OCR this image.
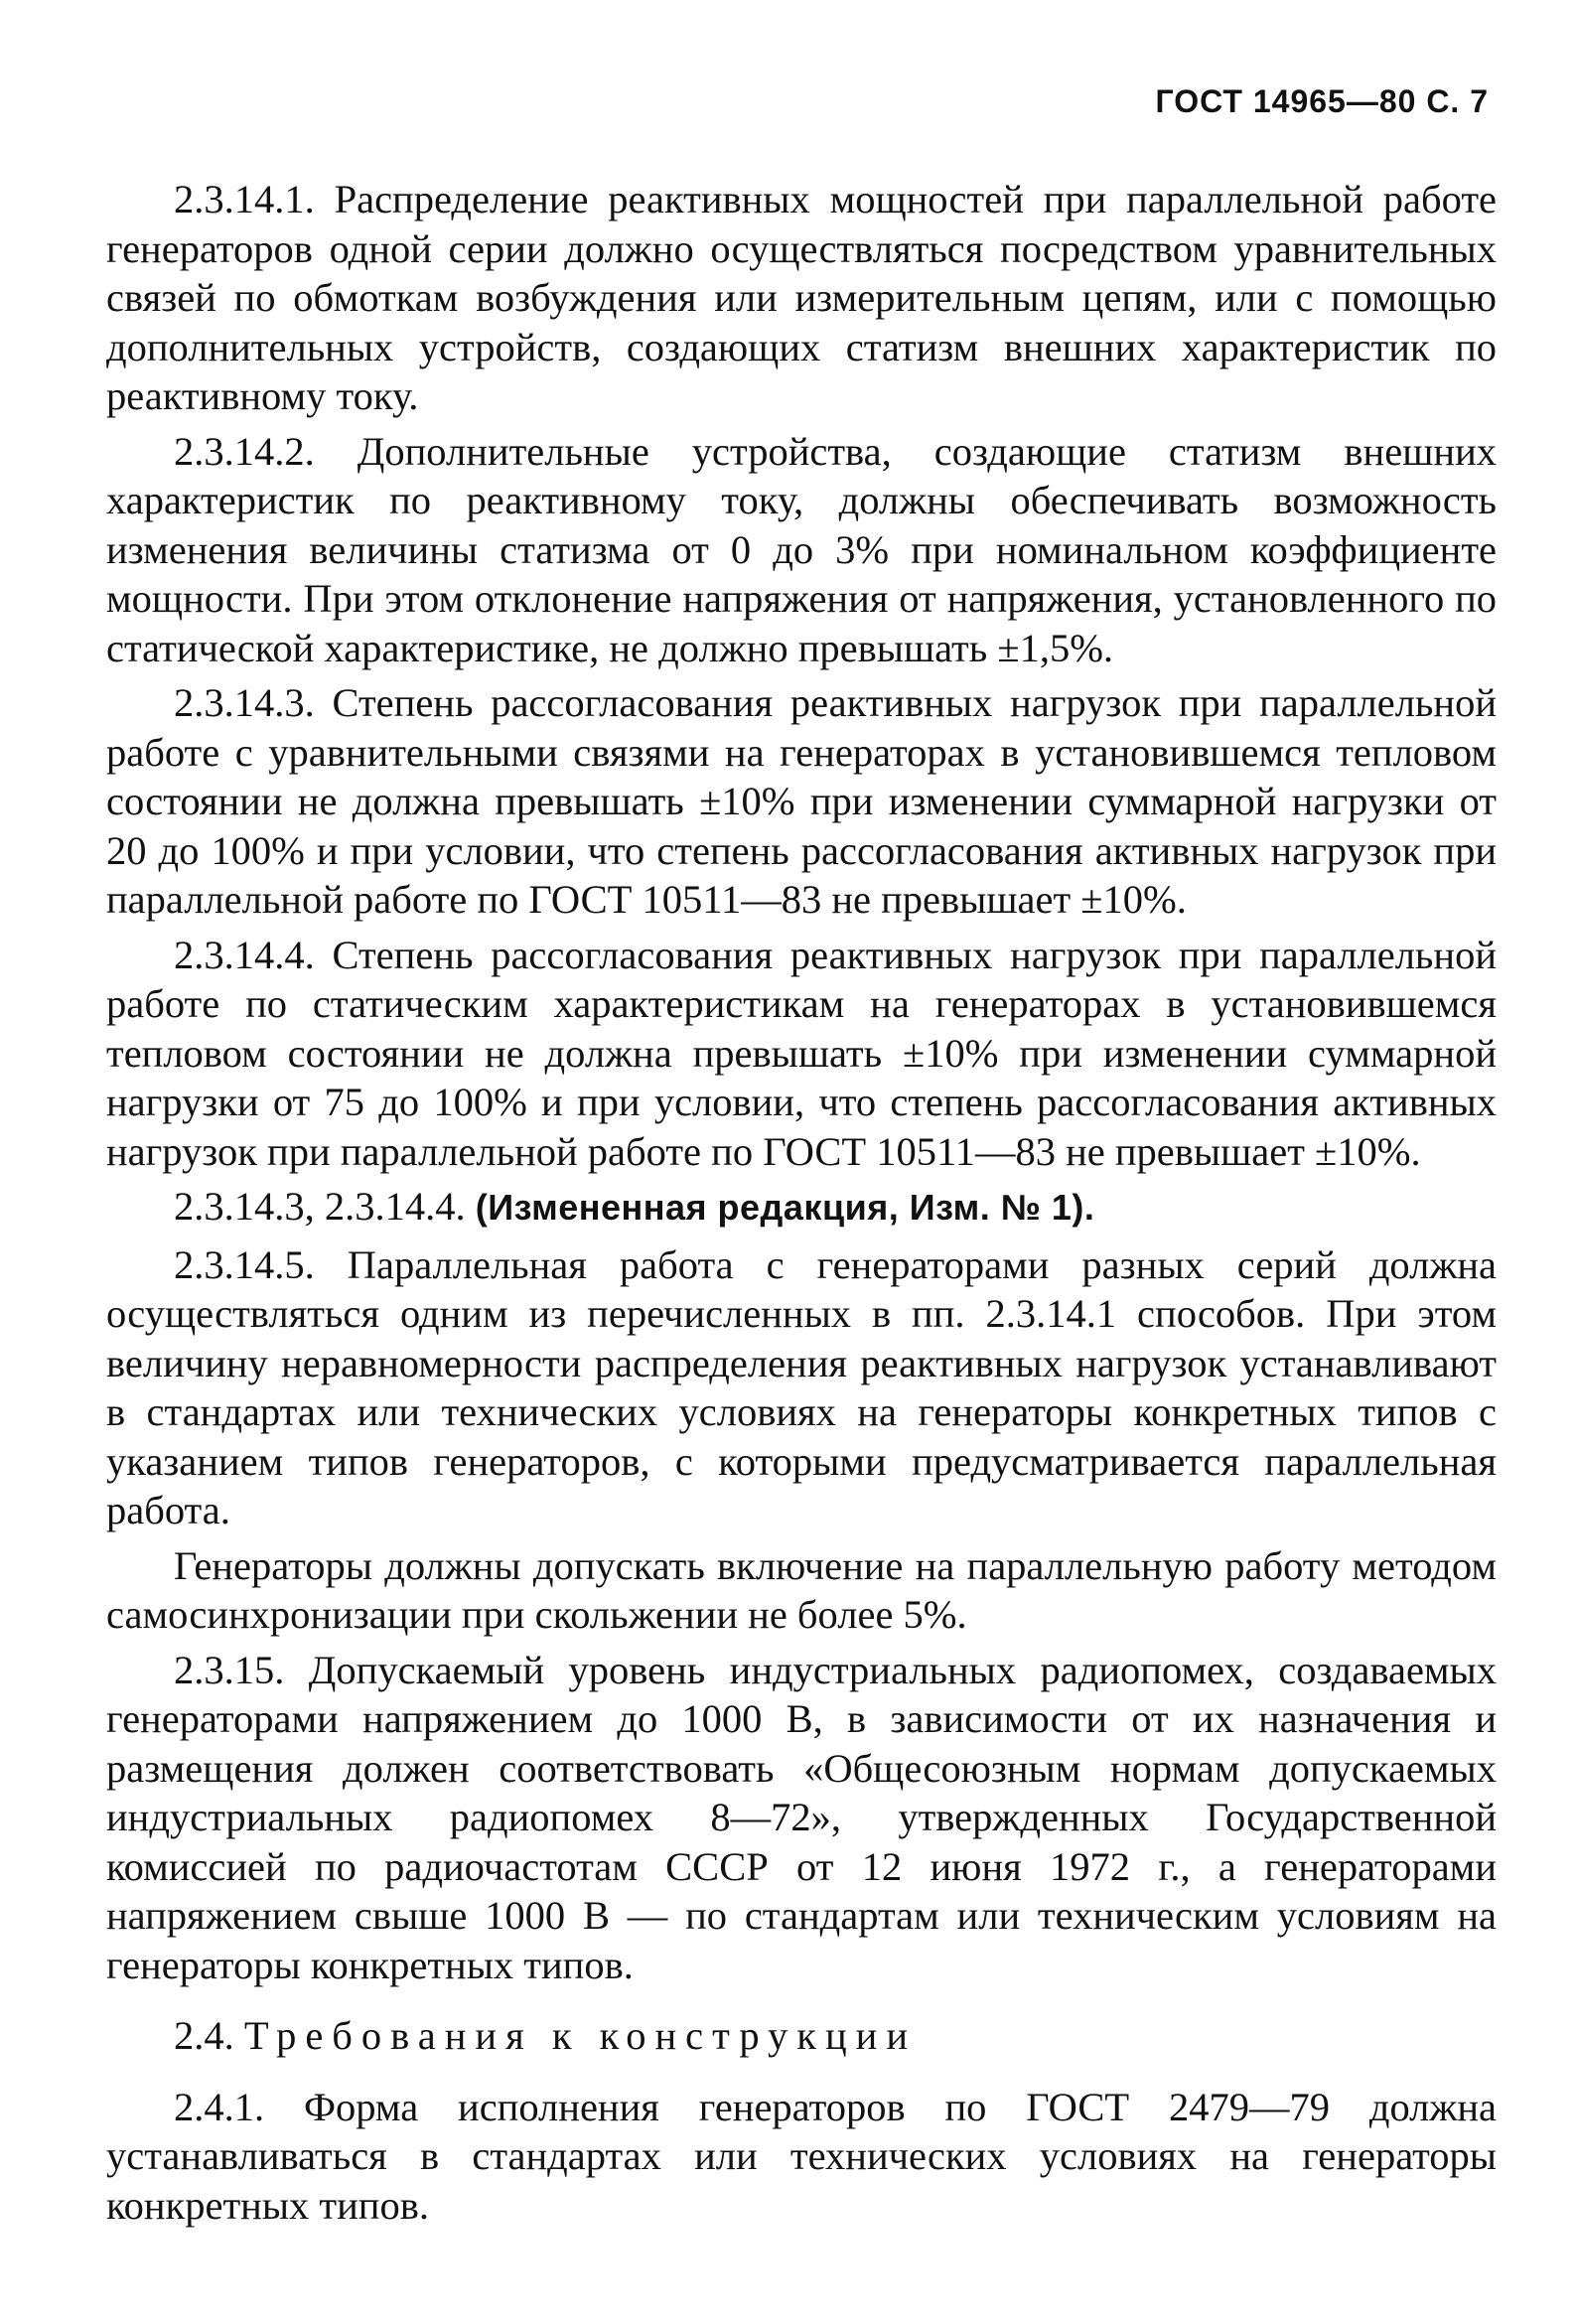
ГОСТ 14965—80 С. 7

2.3.14.1. Распределение реактивных мощностей при параллельной работе генераторов одной серии должно осуществляться посредством уравнительных связей по обмоткам возбуждения или измерительным цепям, или с помощью дополнительных устройств, создающих статизм внешних характеристик по реактивному току.

2.3.14.2. Дополнительные устройства, создающие статизм внешних характеристик по реактивному току, должны обеспечивать возможность изменения величины статизма от 0 до 3% при номинальном коэффициенте мощности. При этом отклонение напряжения от напряжения, установленного по статической характеристике, не должно превышать ±1,5%.

2.3.14.3. Степень рассогласования реактивных нагрузок при параллельной работе с уравнительными связями на генераторах в установившемся тепловом состоянии не должна превышать ±10% при изменении суммарной нагрузки от 20 до 100% и при условии, что степень рассогласования активных нагрузок при параллельной работе по ГОСТ 10511—83 не превышает ±10%.

2.3.14.4. Степень рассогласования реактивных нагрузок при параллельной работе по статическим характеристикам на генераторах в установившемся тепловом состоянии не должна превышать ±10% при изменении суммарной нагрузки от 75 до 100% и при условии, что степень рассогласования активных нагрузок при параллельной работе по ГОСТ 10511—83 не превышает ±10%.

2.3.14.3, 2.3.14.4. (Измененная редакция, Изм. № 1).

2.3.14.5. Параллельная работа с генераторами разных серий должна осуществляться одним из перечисленных в пп. 2.3.14.1 способов. При этом величину неравномерности распределения реактивных нагрузок устанавливают в стандартах или технических условиях на генераторы конкретных типов с указанием типов генераторов, с которыми предусматривается параллельная работа.

Генераторы должны допускать включение на параллельную работу методом самосинхронизации при скольжении не более 5%.

2.3.15. Допускаемый уровень индустриальных радиопомех, создаваемых генераторами напряжением до 1000 В, в зависимости от их назначения и размещения должен соответствовать «Общесоюзным нормам допускаемых индустриальных радиопомех 8—72», утвержденных Государственной комиссией по радиочастотам СССР от 12 июня 1972 г., а генераторами напряжением свыше 1000 В — по стандартам или техническим условиям на генераторы конкретных типов.

2.4. Требования к конструкции

2.4.1. Форма исполнения генераторов по ГОСТ 2479—79 должна устанавливаться в стандартах или технических условиях на генераторы конкретных типов.
